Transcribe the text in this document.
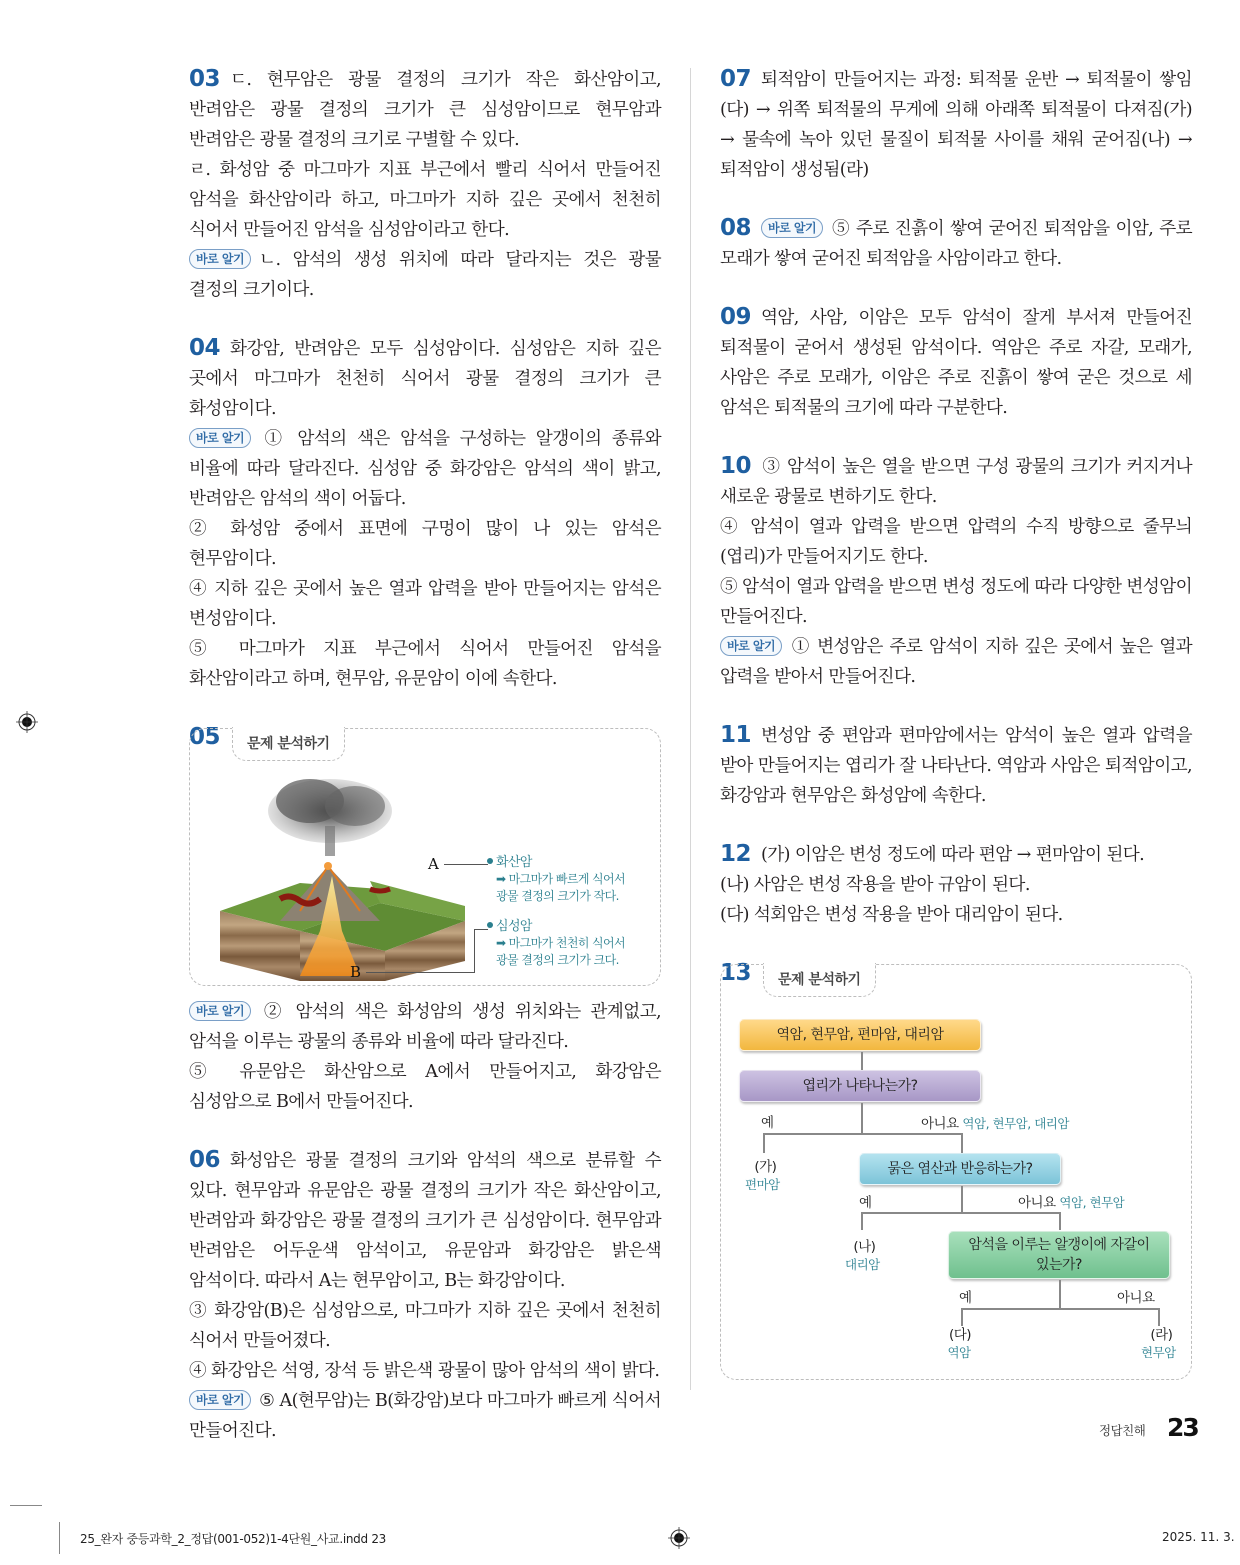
03 ㄷ. 현무암은 광물 결정의 크기가 작은 화산암이고, 반려암은 광물 결정의 크기가 큰 심성암이므로 현무암과 반려암은 광물 결정의 크기로 구별할 수 있다.
ㄹ. 화성암 중 마그마가 지표 부근에서 빨리 식어서 만들어진 암석을 화산암이라 하고, 마그마가 지하 깊은 곳에서 천천히 식어서 만들어진 암석을 심성암이라고 한다.
바로 알기 ㄴ. 암석의 생성 위치에 따라 달라지는 것은 광물 결정의 크기이다.
04 화강암, 반려암은 모두 심성암이다. 심성암은 지하 깊은 곳에서 마그마가 천천히 식어서 광물 결정의 크기가 큰 화성암이다.
바로 알기 ① 암석의 색은 암석을 구성하는 알갱이의 종류와 비율에 따라 달라진다. 심성암 중 화강암은 암석의 색이 밝고, 반려암은 암석의 색이 어둡다.
② 화성암 중에서 표면에 구멍이 많이 나 있는 암석은 현무암이다.
④ 지하 깊은 곳에서 높은 열과 압력을 받아 만들어지는 암석은 변성암이다.
⑤ 마그마가 지표 부근에서 식어서 만들어진 암석을 화산암이라고 하며, 현무암, 유문암이 이에 속한다.
05	문제 분석하기
A
B
화산암
➡ 마그마가 빠르게 식어서
광물 결정의 크기가 작다.
심성암
➡ 마그마가 천천히 식어서
광물 결정의 크기가 크다.
바로 알기 ② 암석의 색은 화성암의 생성 위치와는 관계없고, 암석을 이루는 광물의 종류와 비율에 따라 달라진다.
⑤ 유문암은 화산암으로 A에서 만들어지고, 화강암은 심성암으로 B에서 만들어진다.
06 화성암은 광물 결정의 크기와 암석의 색으로 분류할 수 있다. 현무암과 유문암은 광물 결정의 크기가 작은 화산암이고, 반려암과 화강암은 광물 결정의 크기가 큰 심성암이다. 현무암과 반려암은 어두운색 암석이고, 유문암과 화강암은 밝은색 암석이다. 따라서 A는 현무암이고, B는 화강암이다.
③ 화강암(B)은 심성암으로, 마그마가 지하 깊은 곳에서 천천히 식어서 만들어졌다.
④ 화강암은 석영, 장석 등 밝은색 광물이 많아 암석의 색이 밝다.
바로 알기 ⑤ A(현무암)는 B(화강암)보다 마그마가 빠르게 식어서 만들어진다.
07 퇴적암이 만들어지는 과정: 퇴적물 운반 → 퇴적물이 쌓임(다) → 위쪽 퇴적물의 무게에 의해 아래쪽 퇴적물이 다져짐(가) → 물속에 녹아 있던 물질이 퇴적물 사이를 채워 굳어짐(나) → 퇴적암이 생성됨(라)
08 바로 알기 ⑤ 주로 진흙이 쌓여 굳어진 퇴적암을 이암, 주로 모래가 쌓여 굳어진 퇴적암을 사암이라고 한다.
09 역암, 사암, 이암은 모두 암석이 잘게 부서져 만들어진 퇴적물이 굳어서 생성된 암석이다. 역암은 주로 자갈, 모래가, 사암은 주로 모래가, 이암은 주로 진흙이 쌓여 굳은 것으로 세 암석은 퇴적물의 크기에 따라 구분한다.
10 ③ 암석이 높은 열을 받으면 구성 광물의 크기가 커지거나 새로운 광물로 변하기도 한다.
④ 암석이 열과 압력을 받으면 압력의 수직 방향으로 줄무늬(엽리)가 만들어지기도 한다.
⑤ 암석이 열과 압력을 받으면 변성 정도에 따라 다양한 변성암이 만들어진다.
바로 알기 ① 변성암은 주로 암석이 지하 깊은 곳에서 높은 열과 압력을 받아서 만들어진다.
11 변성암 중 편암과 편마암에서는 암석이 높은 열과 압력을 받아 만들어지는 엽리가 잘 나타난다. 역암과 사암은 퇴적암이고, 화강암과 현무암은 화성암에 속한다.
12 (가) 이암은 변성 정도에 따라 편암 → 편마암이 된다.
(나) 사암은 변성 작용을 받아 규암이 된다.
(다) 석회암은 변성 작용을 받아 대리암이 된다.
13	문제 분석하기
역암, 현무암, 편마암, 대리암
엽리가 나타나는가?
예	아니요 역암, 현무암, 대리암
(가)
편마암
묽은 염산과 반응하는가?
예	아니요 역암, 현무암
(나)
대리암
암석을 이루는 알갱이에 자갈이
있는가?
예	아니요
(다)
역암
(라)
현무암
정답친해 23
25_완자 중등과학_2_정답(001-052)1-4단원_사교.indd 23	2025. 11. 3.
